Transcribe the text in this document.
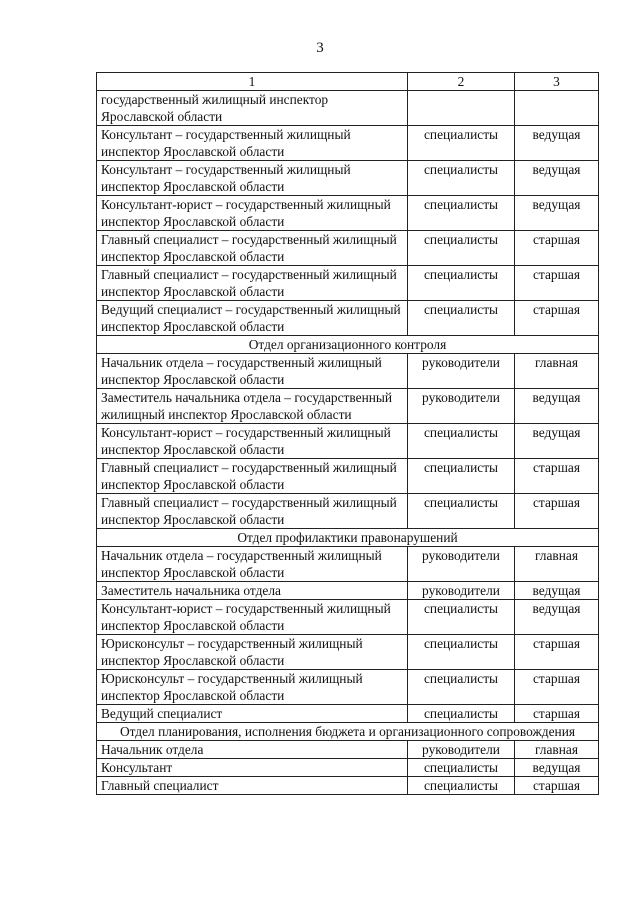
3
1	2	3
государственный жилищный инспектор Ярославской области		
Консультант – государственный жилищный инспектор Ярославской области	специалисты	ведущая
Консультант – государственный жилищный инспектор Ярославской области	специалисты	ведущая
Консультант-юрист – государственный жилищный инспектор Ярославской области	специалисты	ведущая
Главный специалист – государственный жилищный инспектор Ярославской области	специалисты	старшая
Главный специалист – государственный жилищный инспектор Ярославской области	специалисты	старшая
Ведущий специалист – государственный жилищный инспектор Ярославской области	специалисты	старшая
Отдел организационного контроля		
Начальник отдела – государственный жилищный инспектор Ярославской области	руководители	главная
Заместитель начальника отдела – государственный жилищный инспектор Ярославской области	руководители	ведущая
Консультант-юрист – государственный жилищный инспектор Ярославской области	специалисты	ведущая
Главный специалист – государственный жилищный инспектор Ярославской области	специалисты	старшая
Главный специалист – государственный жилищный инспектор Ярославской области	специалисты	старшая
Отдел профилактики правонарушений		
Начальник отдела – государственный жилищный инспектор Ярославской области	руководители	главная
Заместитель начальника отдела	руководители	ведущая
Консультант-юрист – государственный жилищный инспектор Ярославской области	специалисты	ведущая
Юрисконсульт – государственный жилищный инспектор Ярославской области	специалисты	старшая
Юрисконсульт – государственный жилищный инспектор Ярославской области	специалисты	старшая
Ведущий специалист	специалисты	старшая
Отдел планирования, исполнения бюджета и организационного сопровождения		
Начальник отдела	руководители	главная
Консультант	специалисты	ведущая
Главный специалист	специалисты	старшая
